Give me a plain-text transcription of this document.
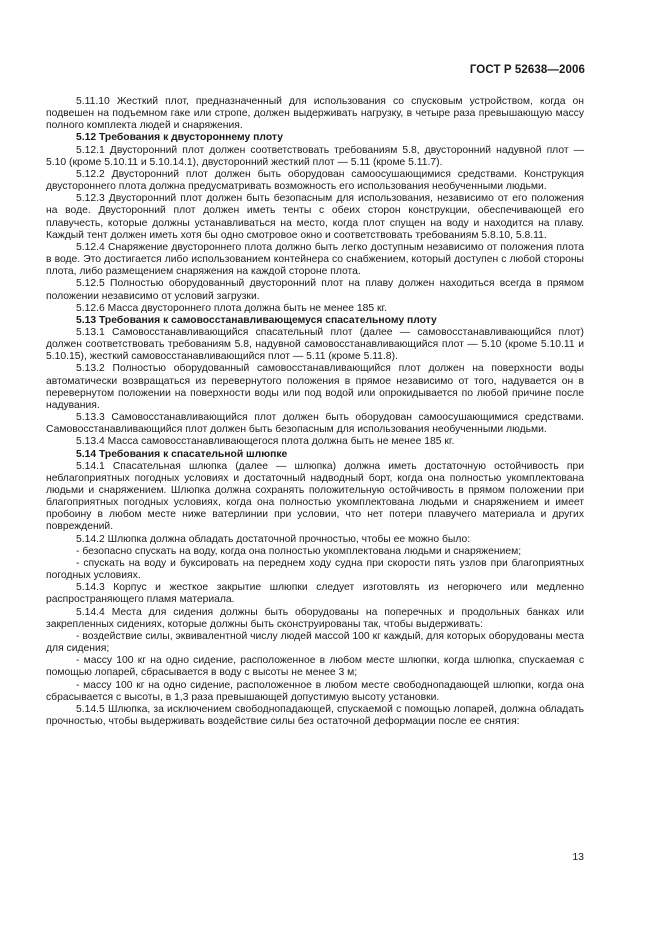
ГОСТ Р 52638—2006

5.11.10 Жесткий плот, предназначенный для использования со спусковым устройством, когда он подвешен на подъемном гаке или стропе, должен выдерживать нагрузку, в четыре раза превышающую массу полного комплекта людей и снаряжения.

5.12 Требования к двустороннему плоту

5.12.1 Двусторонний плот должен соответствовать требованиям 5.8, двусторонний надувной плот — 5.10 (кроме 5.10.11 и 5.10.14.1), двусторонний жесткий плот — 5.11 (кроме 5.11.7).

5.12.2 Двусторонний плот должен быть оборудован самоосушающимися средствами. Конструкция двустороннего плота должна предусматривать возможность его использования необученными людьми.

5.12.3 Двусторонний плот должен быть безопасным для использования, независимо от его положения на воде. Двусторонний плот должен иметь тенты с обеих сторон конструкции, обеспечивающей его плавучесть, которые должны устанавливаться на место, когда плот спущен на воду и находится на плаву. Каждый тент должен иметь хотя бы одно смотровое окно и соответствовать требованиям 5.8.10, 5.8.11.

5.12.4 Снаряжение двустороннего плота должно быть легко доступным независимо от положения плота в воде. Это достигается либо использованием контейнера со снабжением, который доступен с любой стороны плота, либо размещением снаряжения на каждой стороне плота.

5.12.5 Полностью оборудованный двусторонний плот на плаву должен находиться всегда в прямом положении независимо от условий загрузки.

5.12.6 Масса двустороннего плота должна быть не менее 185 кг.

5.13 Требования к самовосстанавливающемуся спасательному плоту

5.13.1 Самовосстанавливающийся спасательный плот (далее — самовосстанавливающийся плот) должен соответствовать требованиям 5.8, надувной самовосстанавливающийся плот — 5.10 (кроме 5.10.11 и 5.10.15), жесткий самовосстанавливающийся плот — 5.11 (кроме 5.11.8).

5.13.2 Полностью оборудованный самовосстанавливающийся плот должен на поверхности воды автоматически возвращаться из перевернутого положения в прямое независимо от того, надувается он в перевернутом положении на поверхности воды или под водой или опрокидывается по любой причине после надувания.

5.13.3 Самовосстанавливающийся плот должен быть оборудован самоосушающимися средствами. Самовосстанавливающийся плот должен быть безопасным для использования необученными людьми.

5.13.4 Масса самовосстанавливающегося плота должна быть не менее 185 кг.

5.14 Требования к спасательной шлюпке

5.14.1 Спасательная шлюпка (далее — шлюпка) должна иметь достаточную остойчивость при неблагоприятных погодных условиях и достаточный надводный борт, когда она полностью укомплектована людьми и снаряжением. Шлюпка должна сохранять положительную остойчивость в прямом положении при благоприятных погодных условиях, когда она полностью укомплектована людьми и снаряжением и имеет пробоину в любом месте ниже ватерлинии при условии, что нет потери плавучего материала и других повреждений.

5.14.2 Шлюпка должна обладать достаточной прочностью, чтобы ее можно было:

- безопасно спускать на воду, когда она полностью укомплектована людьми и снаряжением;

- спускать на воду и буксировать на переднем ходу судна при скорости пять узлов при благоприятных погодных условиях.

5.14.3 Корпус и жесткое закрытие шлюпки следует изготовлять из негорючего или медленно распространяющего пламя материала.

5.14.4 Места для сидения должны быть оборудованы на поперечных и продольных банках или закрепленных сидениях, которые должны быть сконструированы так, чтобы выдерживать:

- воздействие силы, эквивалентной числу людей массой 100 кг каждый, для которых оборудованы места для сидения;

- массу 100 кг на одно сидение, расположенное в любом месте шлюпки, когда шлюпка, спускаемая с помощью лопарей, сбрасывается в воду с высоты не менее 3 м;

- массу 100 кг на одно сидение, расположенное в любом месте свободнопадающей шлюпки, когда она сбрасывается с высоты, в 1,3 раза превышающей допустимую высоту установки.

5.14.5 Шлюпка, за исключением свободнопадающей, спускаемой с помощью лопарей, должна обладать прочностью, чтобы выдерживать воздействие силы без остаточной деформации после ее снятия:

13
